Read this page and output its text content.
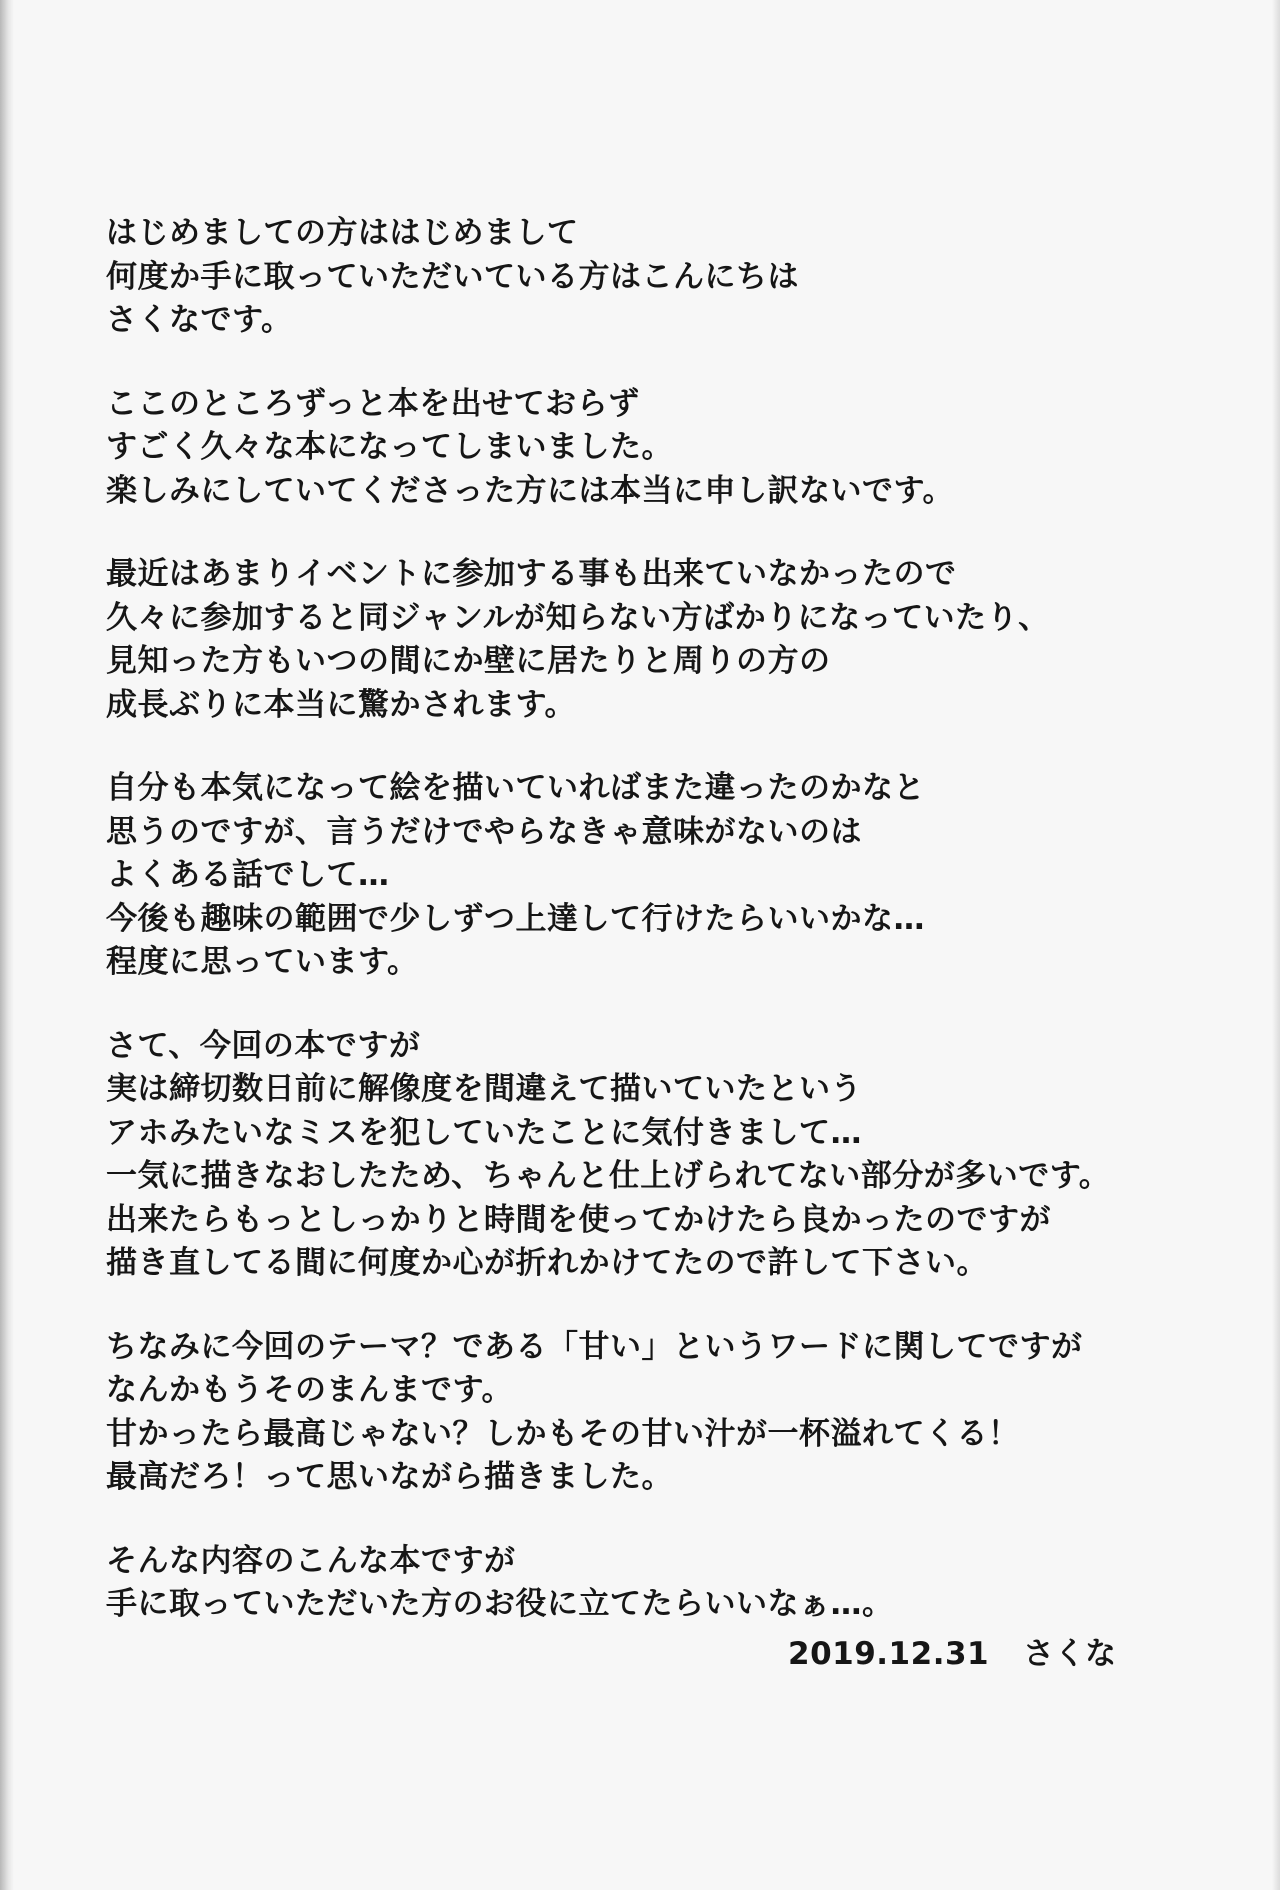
はじめましての方ははじめまして
何度か手に取っていただいている方はこんにちは
さくなです。
ここのところずっと本を出せておらず
すごく久々な本になってしまいました。
楽しみにしていてくださった方には本当に申し訳ないです。
最近はあまりイベントに参加する事も出来ていなかったので
久々に参加すると同ジャンルが知らない方ばかりになっていたり、
見知った方もいつの間にか壁に居たりと周りの方の
成長ぶりに本当に驚かされます。
自分も本気になって絵を描いていればまた違ったのかなと
思うのですが、言うだけでやらなきゃ意味がないのは
よくある話でして…
今後も趣味の範囲で少しずつ上達して行けたらいいかな…
程度に思っています。
さて、今回の本ですが
実は締切数日前に解像度を間違えて描いていたという
アホみたいなミスを犯していたことに気付きまして…
一気に描きなおしたため、ちゃんと仕上げられてない部分が多いです。
出来たらもっとしっかりと時間を使ってかけたら良かったのですが
描き直してる間に何度か心が折れかけてたので許して下さい。
ちなみに今回のテーマ？である「甘い」というワードに関してですが
なんかもうそのまんまです。
甘かったら最高じゃない？しかもその甘い汁が一杯溢れてくる！
最高だろ！って思いながら描きました。
そんな内容のこんな本ですが
手に取っていただいた方のお役に立てたらいいなぁ…。
2019.12.31 さくな
